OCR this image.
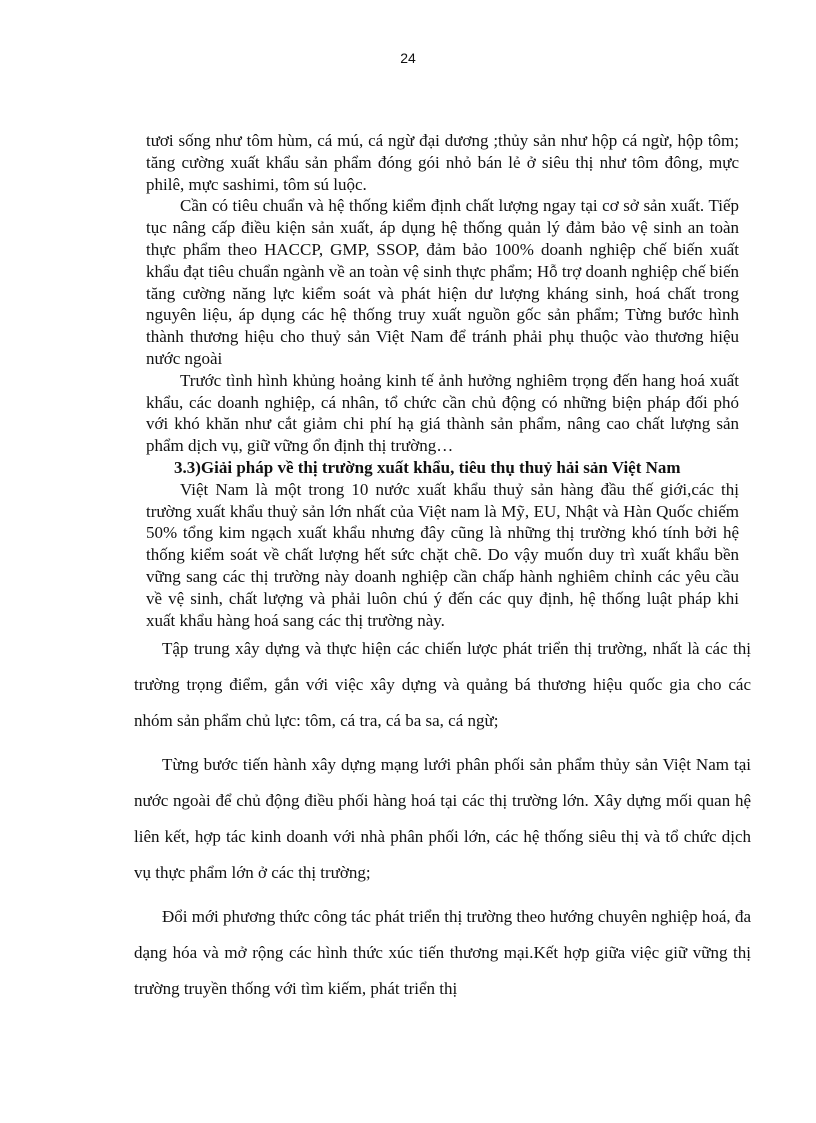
24

tươi sống như tôm hùm, cá mú, cá ngừ đại dương ;thủy sản như hộp cá ngừ, hộp tôm; tăng cường xuất khẩu sản phẩm đóng gói nhỏ bán lẻ ở siêu thị như tôm đông, mực philê, mực sashimi, tôm sú luộc.

Cần có tiêu chuẩn và hệ thống kiểm định chất lượng ngay tại cơ sở sản xuất. Tiếp tục nâng cấp điều kiện sản xuất, áp dụng hệ thống quản lý đảm bảo vệ sinh an toàn thực phẩm theo HACCP, GMP, SSOP, đảm bảo 100% doanh nghiệp chế biến xuất khẩu đạt tiêu chuẩn ngành về an toàn vệ sinh thực phẩm; Hỗ trợ doanh nghiệp chế biến tăng cường năng lực kiểm soát và phát hiện dư lượng kháng sinh, hoá chất trong nguyên liệu, áp dụng các hệ thống truy xuất nguồn gốc sản phẩm; Từng bước hình thành thương hiệu cho thuỷ sản Việt Nam để tránh phải phụ thuộc vào thương hiệu nước ngoài

Trước tình hình khủng hoảng kinh tế ảnh hưởng nghiêm trọng đến hang hoá xuất khẩu, các doanh nghiệp, cá nhân, tổ chức cần chủ động có những biện pháp đối phó với khó khăn như cắt giảm chi phí hạ giá thành sản phẩm, nâng cao chất lượng sản phẩm dịch vụ, giữ vững ổn định thị trường…

3.3)Giải pháp về thị trường xuất khẩu, tiêu thụ thuỷ hải sản Việt Nam

Việt Nam là một trong 10 nước xuất khẩu thuỷ sản hàng đầu thế giới,các thị trường xuất khẩu thuỷ sản lớn nhất của Việt nam là Mỹ, EU, Nhật và Hàn Quốc chiếm 50% tổng kim ngạch xuất khẩu nhưng đây cũng là những thị trường khó tính bởi hệ thống kiểm soát về chất lượng hết sức chặt chẽ. Do vậy muốn duy trì xuất khẩu bền vững sang các thị trường này doanh nghiệp cần chấp hành nghiêm chỉnh các yêu cầu về vệ sinh, chất lượng và phải luôn chú ý đến các quy định, hệ thống luật pháp khi xuất khẩu hàng hoá sang các thị trường này.

Tập trung xây dựng và thực hiện các chiến lược phát triển thị trường, nhất là các thị trường trọng điểm, gắn với việc xây dựng và quảng bá thương hiệu quốc gia cho các nhóm sản phẩm chủ lực: tôm, cá tra, cá ba sa, cá ngừ;

Từng bước tiến hành xây dựng mạng lưới phân phối sản phẩm thủy sản Việt Nam tại nước ngoài để chủ động điều phối hàng hoá tại các thị trường lớn. Xây dựng mối quan hệ liên kết, hợp tác kinh doanh với nhà phân phối lớn, các hệ thống siêu thị và tổ chức dịch vụ thực phẩm lớn ở các thị trường;

Đổi mới phương thức công tác phát triển thị trường theo hướng chuyên nghiệp hoá, đa dạng hóa và mở rộng các hình thức xúc tiến thương mại.Kết hợp giữa việc giữ vững thị trường truyền thống với tìm kiếm, phát triển thị
